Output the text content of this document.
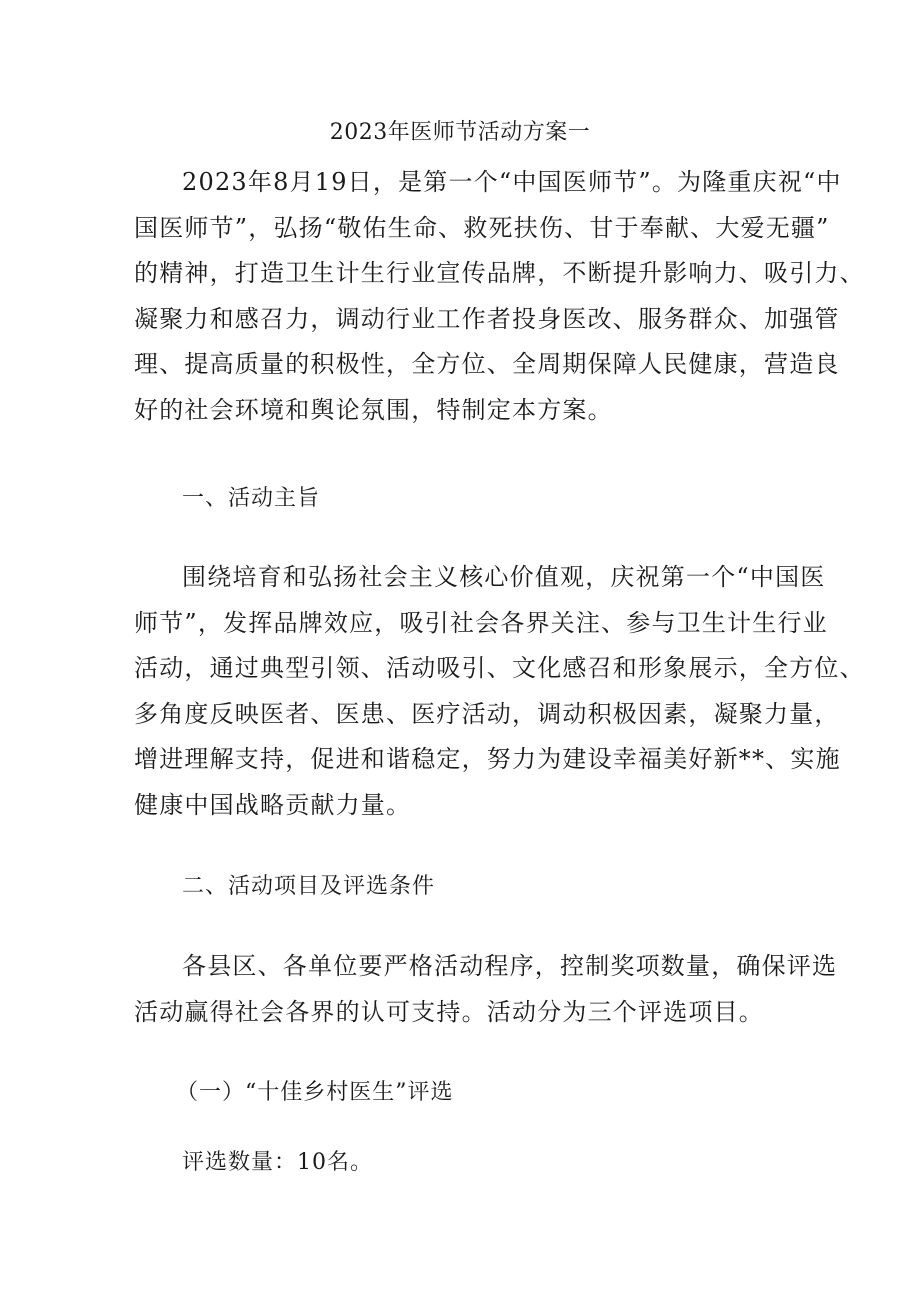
2023年医师节活动方案一
2023年8月19日，是第一个“中国医师节”。为隆重庆祝“中
国医师节”，弘扬“敬佑生命、救死扶伤、甘于奉献、大爱无疆”
的精神，打造卫生计生行业宣传品牌，不断提升影响力、吸引力、
凝聚力和感召力，调动行业工作者投身医改、服务群众、加强管
理、提高质量的积极性，全方位、全周期保障人民健康，营造良
好的社会环境和舆论氛围，特制定本方案。
一、活动主旨
围绕培育和弘扬社会主义核心价值观，庆祝第一个“中国医
师节”，发挥品牌效应，吸引社会各界关注、参与卫生计生行业
活动，通过典型引领、活动吸引、文化感召和形象展示，全方位、
多角度反映医者、医患、医疗活动，调动积极因素，凝聚力量，
增进理解支持，促进和谐稳定，努力为建设幸福美好新**、实施
健康中国战略贡献力量。
二、活动项目及评选条件
各县区、各单位要严格活动程序，控制奖项数量，确保评选
活动赢得社会各界的认可支持。活动分为三个评选项目。
（一）“十佳乡村医生”评选
评选数量：10名。
